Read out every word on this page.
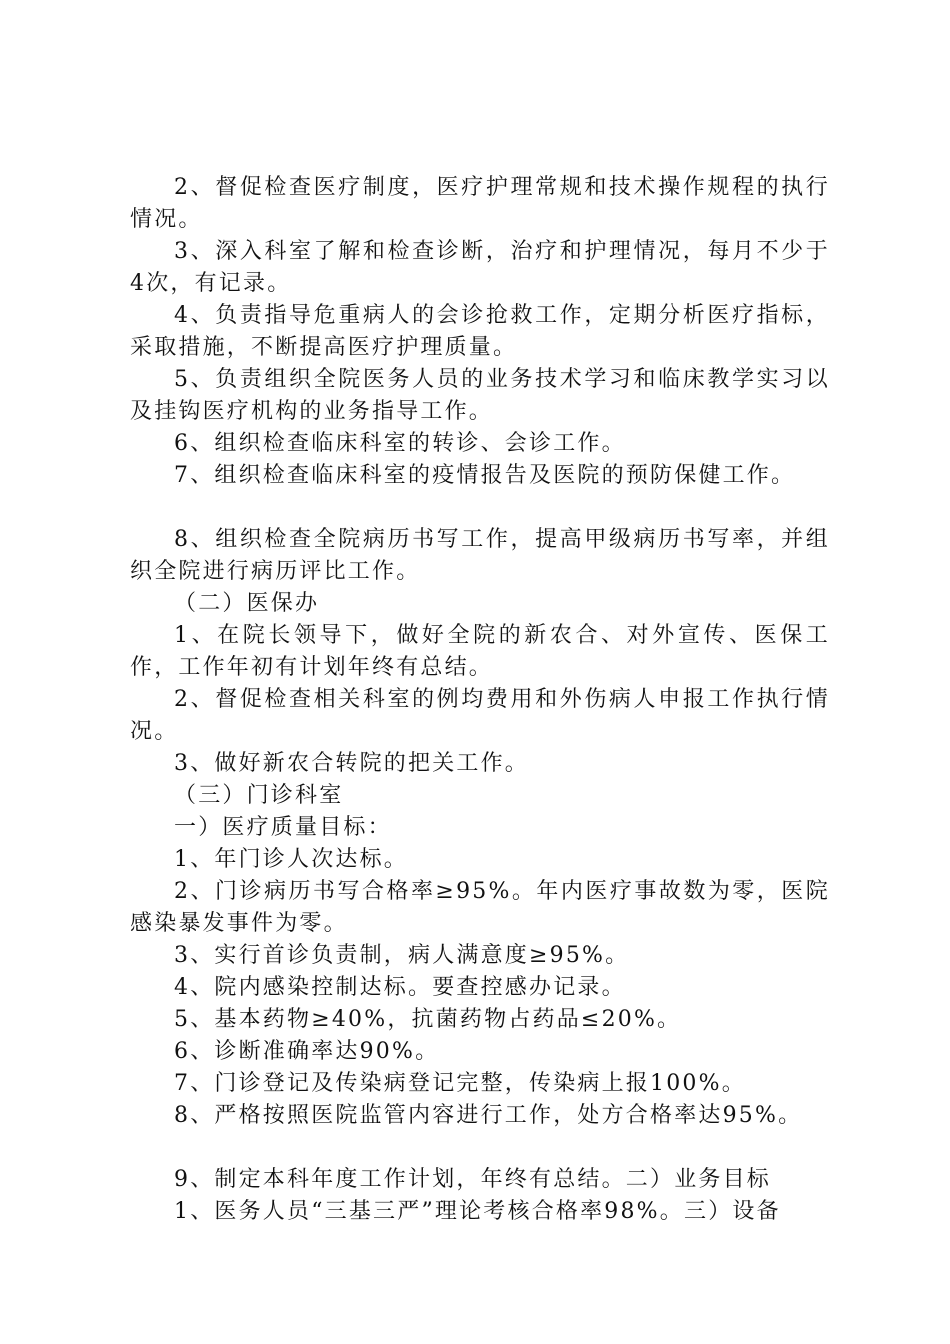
2、督促检查医疗制度，医疗护理常规和技术操作规程的执行情况。

3、深入科室了解和检查诊断，治疗和护理情况，每月不少于4次，有记录。

4、负责指导危重病人的会诊抢救工作，定期分析医疗指标，采取措施，不断提高医疗护理质量。

5、负责组织全院医务人员的业务技术学习和临床教学实习以及挂钩医疗机构的业务指导工作。

6、组织检查临床科室的转诊、会诊工作。

7、组织检查临床科室的疫情报告及医院的预防保健工作。

8、组织检查全院病历书写工作，提高甲级病历书写率，并组织全院进行病历评比工作。

（二）医保办

1、在院长领导下，做好全院的新农合、对外宣传、医保工作，工作年初有计划年终有总结。

2、督促检查相关科室的例均费用和外伤病人申报工作执行情况。

3、做好新农合转院的把关工作。

（三）门诊科室

一）医疗质量目标：

1、年门诊人次达标。

2、门诊病历书写合格率≥95%。年内医疗事故数为零，医院感染暴发事件为零。

3、实行首诊负责制，病人满意度≥95%。

4、院内感染控制达标。要查控感办记录。

5、基本药物≥40%，抗菌药物占药品≤20%。

6、诊断准确率达90%。

7、门诊登记及传染病登记完整，传染病上报100%。

8、严格按照医院监管内容进行工作，处方合格率达95%。

9、制定本科年度工作计划，年终有总结。二）业务目标

1、医务人员“三基三严”理论考核合格率98%。三）设备
